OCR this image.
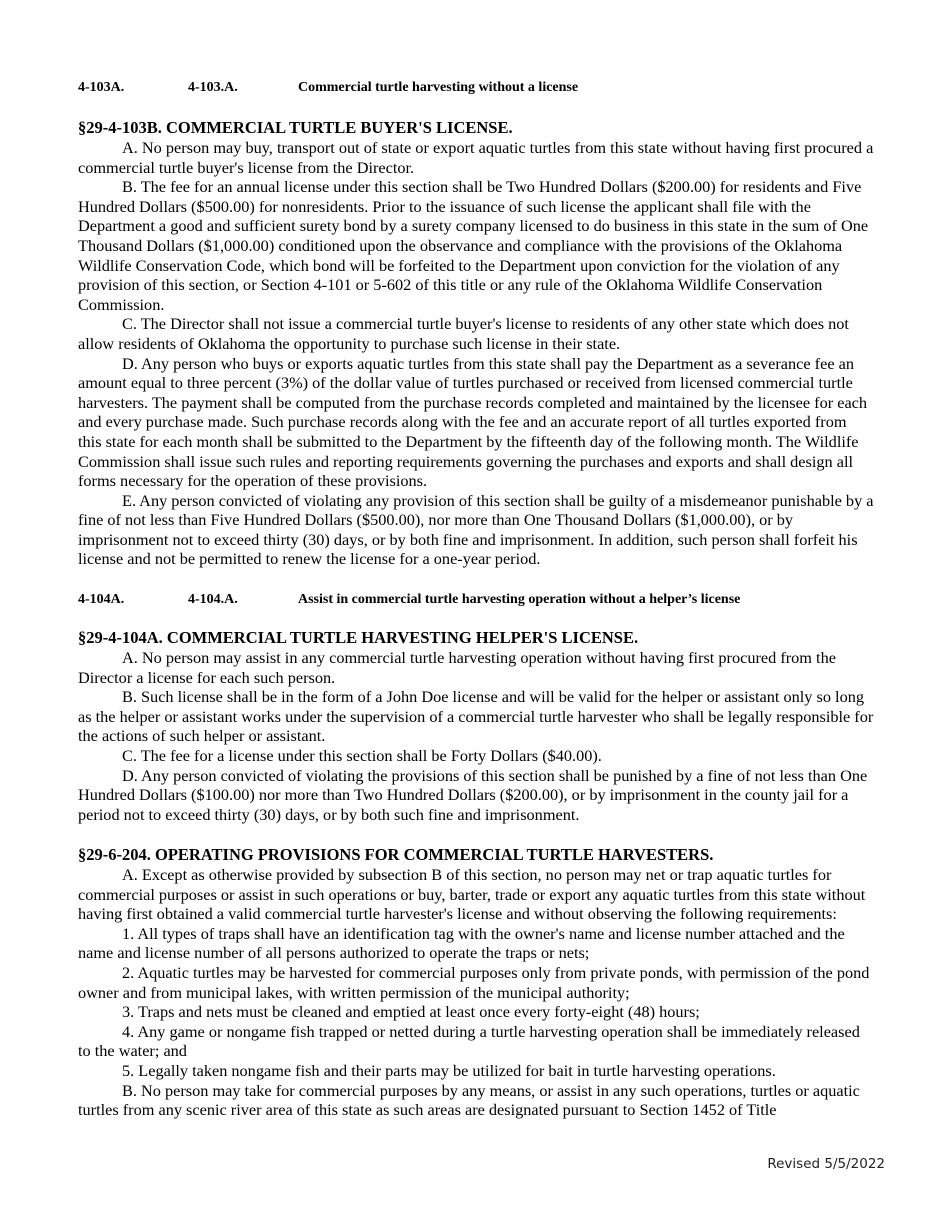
4-103A.	4-103.A.	Commercial turtle harvesting without a license
§29-4-103B. COMMERCIAL TURTLE BUYER'S LICENSE.

A. No person may buy, transport out of state or export aquatic turtles from this state without having first procured a commercial turtle buyer's license from the Director.

B. The fee for an annual license under this section shall be Two Hundred Dollars ($200.00) for residents and Five Hundred Dollars ($500.00) for nonresidents. Prior to the issuance of such license the applicant shall file with the Department a good and sufficient surety bond by a surety company licensed to do business in this state in the sum of One Thousand Dollars ($1,000.00) conditioned upon the observance and compliance with the provisions of the Oklahoma Wildlife Conservation Code, which bond will be forfeited to the Department upon conviction for the violation of any provision of this section, or Section 4-101 or 5-602 of this title or any rule of the Oklahoma Wildlife Conservation Commission.

C. The Director shall not issue a commercial turtle buyer's license to residents of any other state which does not allow residents of Oklahoma the opportunity to purchase such license in their state.

D. Any person who buys or exports aquatic turtles from this state shall pay the Department as a severance fee an amount equal to three percent (3%) of the dollar value of turtles purchased or received from licensed commercial turtle harvesters. The payment shall be computed from the purchase records completed and maintained by the licensee for each and every purchase made. Such purchase records along with the fee and an accurate report of all turtles exported from this state for each month shall be submitted to the Department by the fifteenth day of the following month. The Wildlife Commission shall issue such rules and reporting requirements governing the purchases and exports and shall design all forms necessary for the operation of these provisions.

E. Any person convicted of violating any provision of this section shall be guilty of a misdemeanor punishable by a fine of not less than Five Hundred Dollars ($500.00), nor more than One Thousand Dollars ($1,000.00), or by imprisonment not to exceed thirty (30) days, or by both fine and imprisonment. In addition, such person shall forfeit his license and not be permitted to renew the license for a one-year period.

4-104A.	4-104.A.	Assist in commercial turtle harvesting operation without a helper’s license
§29-4-104A. COMMERCIAL TURTLE HARVESTING HELPER'S LICENSE.

A. No person may assist in any commercial turtle harvesting operation without having first procured from the Director a license for each such person.

B. Such license shall be in the form of a John Doe license and will be valid for the helper or assistant only so long as the helper or assistant works under the supervision of a commercial turtle harvester who shall be legally responsible for the actions of such helper or assistant.

C. The fee for a license under this section shall be Forty Dollars ($40.00).

D. Any person convicted of violating the provisions of this section shall be punished by a fine of not less than One Hundred Dollars ($100.00) nor more than Two Hundred Dollars ($200.00), or by imprisonment in the county jail for a period not to exceed thirty (30) days, or by both such fine and imprisonment.

§29-6-204. OPERATING PROVISIONS FOR COMMERCIAL TURTLE HARVESTERS.

A. Except as otherwise provided by subsection B of this section, no person may net or trap aquatic turtles for commercial purposes or assist in such operations or buy, barter, trade or export any aquatic turtles from this state without having first obtained a valid commercial turtle harvester's license and without observing the following requirements:

1. All types of traps shall have an identification tag with the owner's name and license number attached and the name and license number of all persons authorized to operate the traps or nets;

2. Aquatic turtles may be harvested for commercial purposes only from private ponds, with permission of the pond owner and from municipal lakes, with written permission of the municipal authority;

3. Traps and nets must be cleaned and emptied at least once every forty-eight (48) hours;

4. Any game or nongame fish trapped or netted during a turtle harvesting operation shall be immediately released to the water; and

5. Legally taken nongame fish and their parts may be utilized for bait in turtle harvesting operations.

B. No person may take for commercial purposes by any means, or assist in any such operations, turtles or aquatic turtles from any scenic river area of this state as such areas are designated pursuant to Section 1452 of Title

Revised 5/5/2022
